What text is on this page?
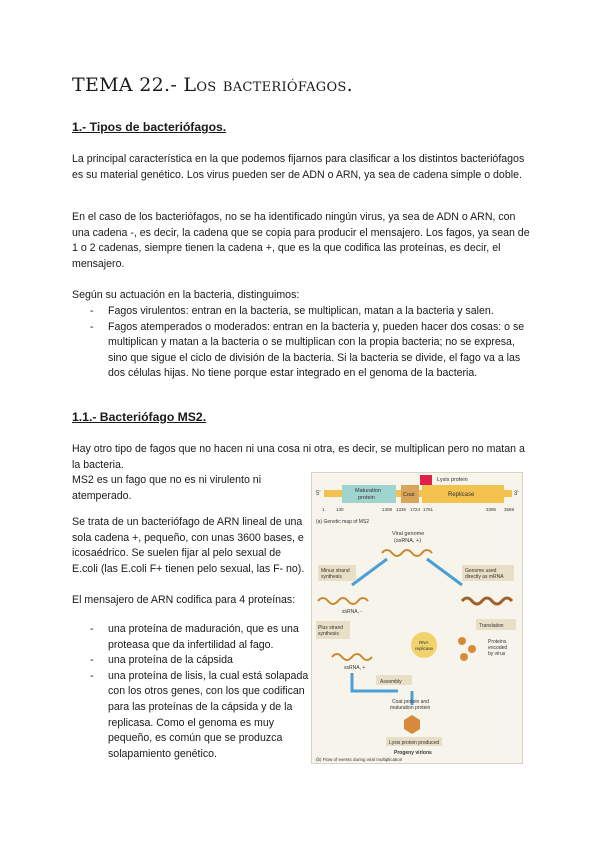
TEMA 22.- Los bacteriófagos.
1.- Tipos de bacteriófagos.

La principal característica en la que podemos fijarnos para clasificar a los distintos bacteriófagos es su material genético. Los virus pueden ser de ADN o ARN, ya sea de cadena simple o doble.

En el caso de los bacteriófagos, no se ha identificado ningún virus, ya sea de ADN o ARN, con una cadena -, es decir, la cadena que se copia para producir el mensajero. Los fagos, ya sean de 1 o 2 cadenas, siempre tienen la cadena +, que es la que codifica las proteínas, es decir, el mensajero.

Según su actuación en la bacteria, distinguimos:

- Fagos virulentos: entran en la bacteria, se multiplican, matan a la bacteria y salen.
- Fagos atemperados o moderados: entran en la bacteria y, pueden hacer dos cosas: o se multiplican y matan a la bacteria o se multiplican con la propia bacteria; no se expresa, sino que sigue el ciclo de división de la bacteria. Si la bacteria se divide, el fago va a las dos células hijas. No tiene porque estar integrado en el genoma de la bacteria.
1.1.- Bacteriófago MS2.

Hay otro tipo de fagos que no hacen ni una cosa ni otra, es decir, se multiplican pero no matan a la bacteria.

MS2 es un fago que no es ni virulento ni atemperado.

Se trata de un bacteriófago de ARN lineal de una sola cadena +, pequeño, con unas 3600 bases, e icosaédrico. Se suelen fijar al pelo sexual de E.coli (las E.coli F+ tienen pelo sexual, las F- no).

El mensajero de ARN codifica para 4 proteínas:

- una proteína de maduración, que es una proteasa que da infertilidad al fago.
- una proteína de la cápsida
- una proteína de lisis, la cual está solapada con los otros genes, con los que codifican para las proteínas de la cápsida y de la replicasa. Como el genoma es muy pequeño, es común que se produzca solapamiento genético.
Lysis protein
5'	Maturation
protein	Coat	Replicase	3'
1	130	1308 1335 1724 1761	3395 3569
(a) Genetic map of MS2
Viral genome
(ssRNA, +)
Minus strand
synthesis
Genome used
directly as mRNA
ssRNA, -
Plus strand
synthesis
Translation
RNA
replicase
Proteins
encoded
by virus
ssRNA, +
Assembly
Coat protein and
maturation protein
Lysis protein produced
Progeny virions
(b) Flow of events during viral multiplication
